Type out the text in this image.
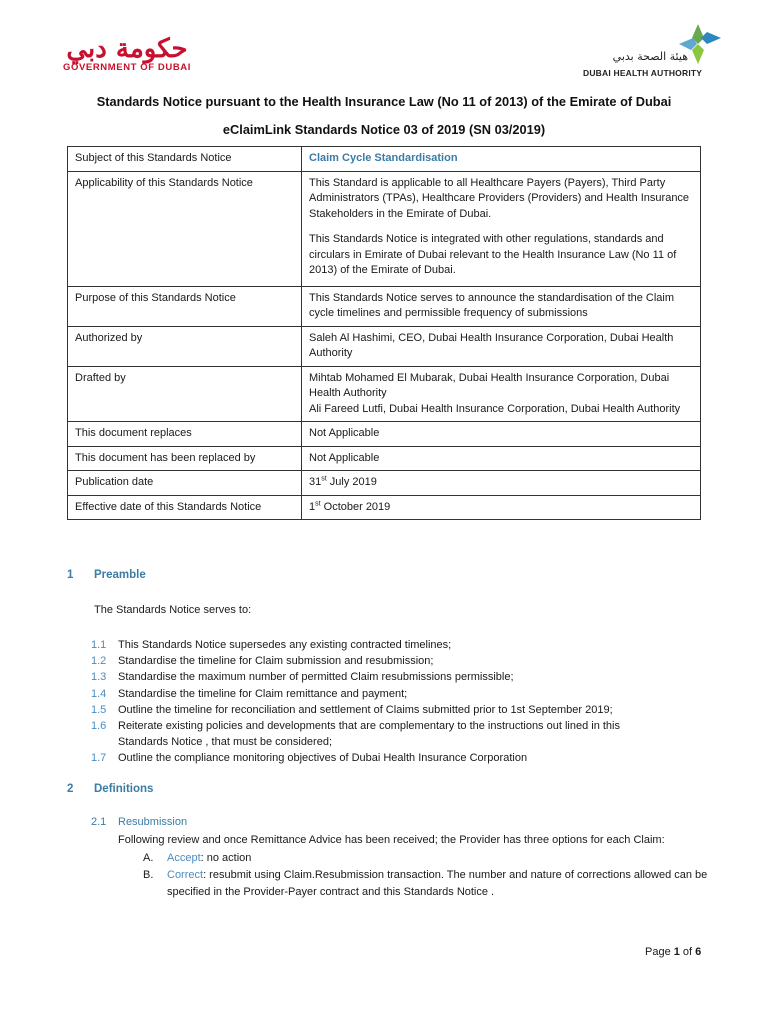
حكومة دبي
GOVERNMENT OF DUBAI
هيئة الصحة بدبي
DUBAI HEALTH AUTHORITY
Standards Notice pursuant to the Health Insurance Law (No 11 of 2013) of the Emirate of Dubai
eClaimLink Standards Notice 03 of 2019 (SN 03/2019)
Subject of this Standards Notice	Claim Cycle Standardisation
Applicability of this Standards Notice	This Standard is applicable to all Healthcare Payers (Payers), Third Party Administrators (TPAs), Healthcare Providers (Providers) and Health Insurance Stakeholders in the Emirate of Dubai.
This Standards Notice is integrated with other regulations, standards and circulars in Emirate of Dubai relevant to the Health Insurance Law (No 11 of 2013) of the Emirate of Dubai.

Purpose of this Standards Notice	This Standards Notice serves to announce the standardisation of the Claim cycle timelines and permissible frequency of submissions
Authorized by	Saleh Al Hashimi, CEO, Dubai Health Insurance Corporation, Dubai Health Authority
Drafted by	Mihtab Mohamed El Mubarak, Dubai Health Insurance Corporation, Dubai Health Authority
Ali Fareed Lutfi, Dubai Health Insurance Corporation, Dubai Health Authority

This document replaces	Not Applicable
This document has been replaced by	Not Applicable
Publication date	31st July 2019
Effective date of this Standards Notice	1st October 2019
1 Preamble
The Standards Notice serves to:
1.1	This Standards Notice supersedes any existing contracted timelines;
1.2	Standardise the timeline for Claim submission and resubmission;
1.3	Standardise the maximum number of permitted Claim resubmissions permissible;
1.4	Standardise the timeline for Claim remittance and payment;
1.5	Outline the timeline for reconciliation and settlement of Claims submitted prior to 1st September 2019;
1.6	Reiterate existing policies and developments that are complementary to the instructions out lined in this Standards Notice , that must be considered;
1.7	Outline the compliance monitoring objectives of Dubai Health Insurance Corporation
2 Definitions
2.1 Resubmission
Following review and once Remittance Advice has been received; the Provider has three options for each Claim:
A.	Accept: no action
B.	Correct: resubmit using Claim.Resubmission transaction. The number and nature of corrections allowed can be specified in the Provider-Payer contract and this Standards Notice .
Page 1 of 6
